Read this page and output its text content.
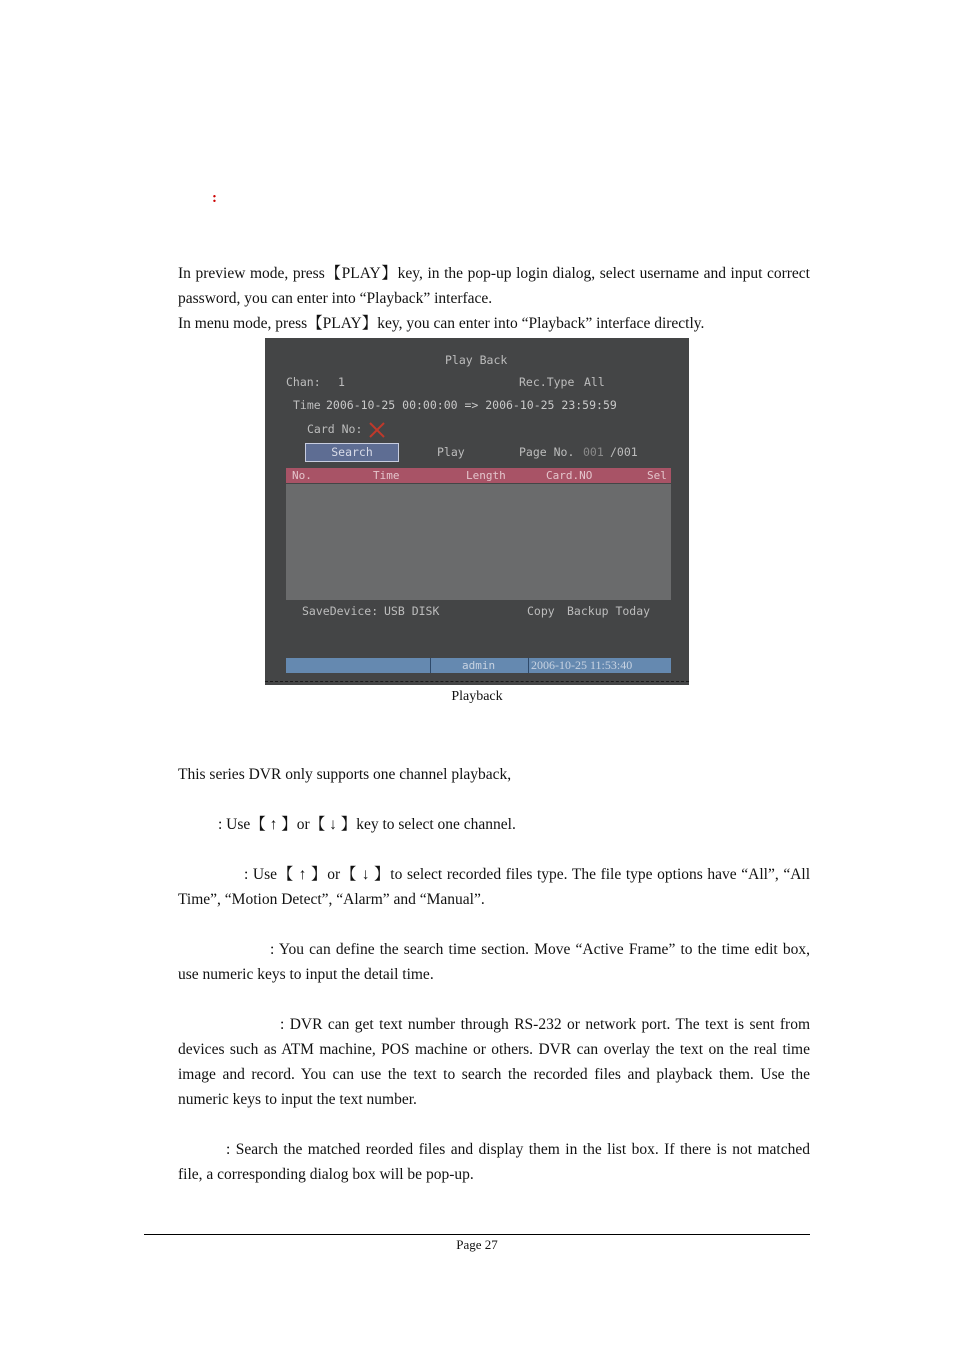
:
In preview mode, press【PLAY】key, in the pop-up login dialog, select username and input correct password, you can enter into “Playback” interface.
In menu mode, press【PLAY】key, you can enter into “Playback” interface directly.
Play Back
Chan: 1	Rec.Type All
Time 2006-10-25 00:00:00 => 2006-10-25 23:59:59
Card No:
Search	Play	Page No. 001 /001
No.	Time	Length	Card.NO	Sel
SaveDevice: USB DISK	Copy Backup Today
admin	2006-10-25 11:53:40
Playback
This series DVR only supports one channel playback,
: Use【 ↑ 】or【 ↓ 】key to select one channel.
: Use【 ↑ 】or【 ↓ 】to select recorded files type. The file type options have “All”, “All Time”, “Motion Detect”, “Alarm” and “Manual”.
: You can define the search time section. Move “Active Frame” to the time edit box, use numeric keys to input the detail time.
: DVR can get text number through RS-232 or network port. The text is sent from devices such as ATM machine, POS machine or others. DVR can overlay the text on the real time image and record. You can use the text to search the recorded files and playback them. Use the numeric keys to input the text number.
: Search the matched reorded files and display them in the list box. If there is not matched file, a corresponding dialog box will be pop-up.
Page 27
